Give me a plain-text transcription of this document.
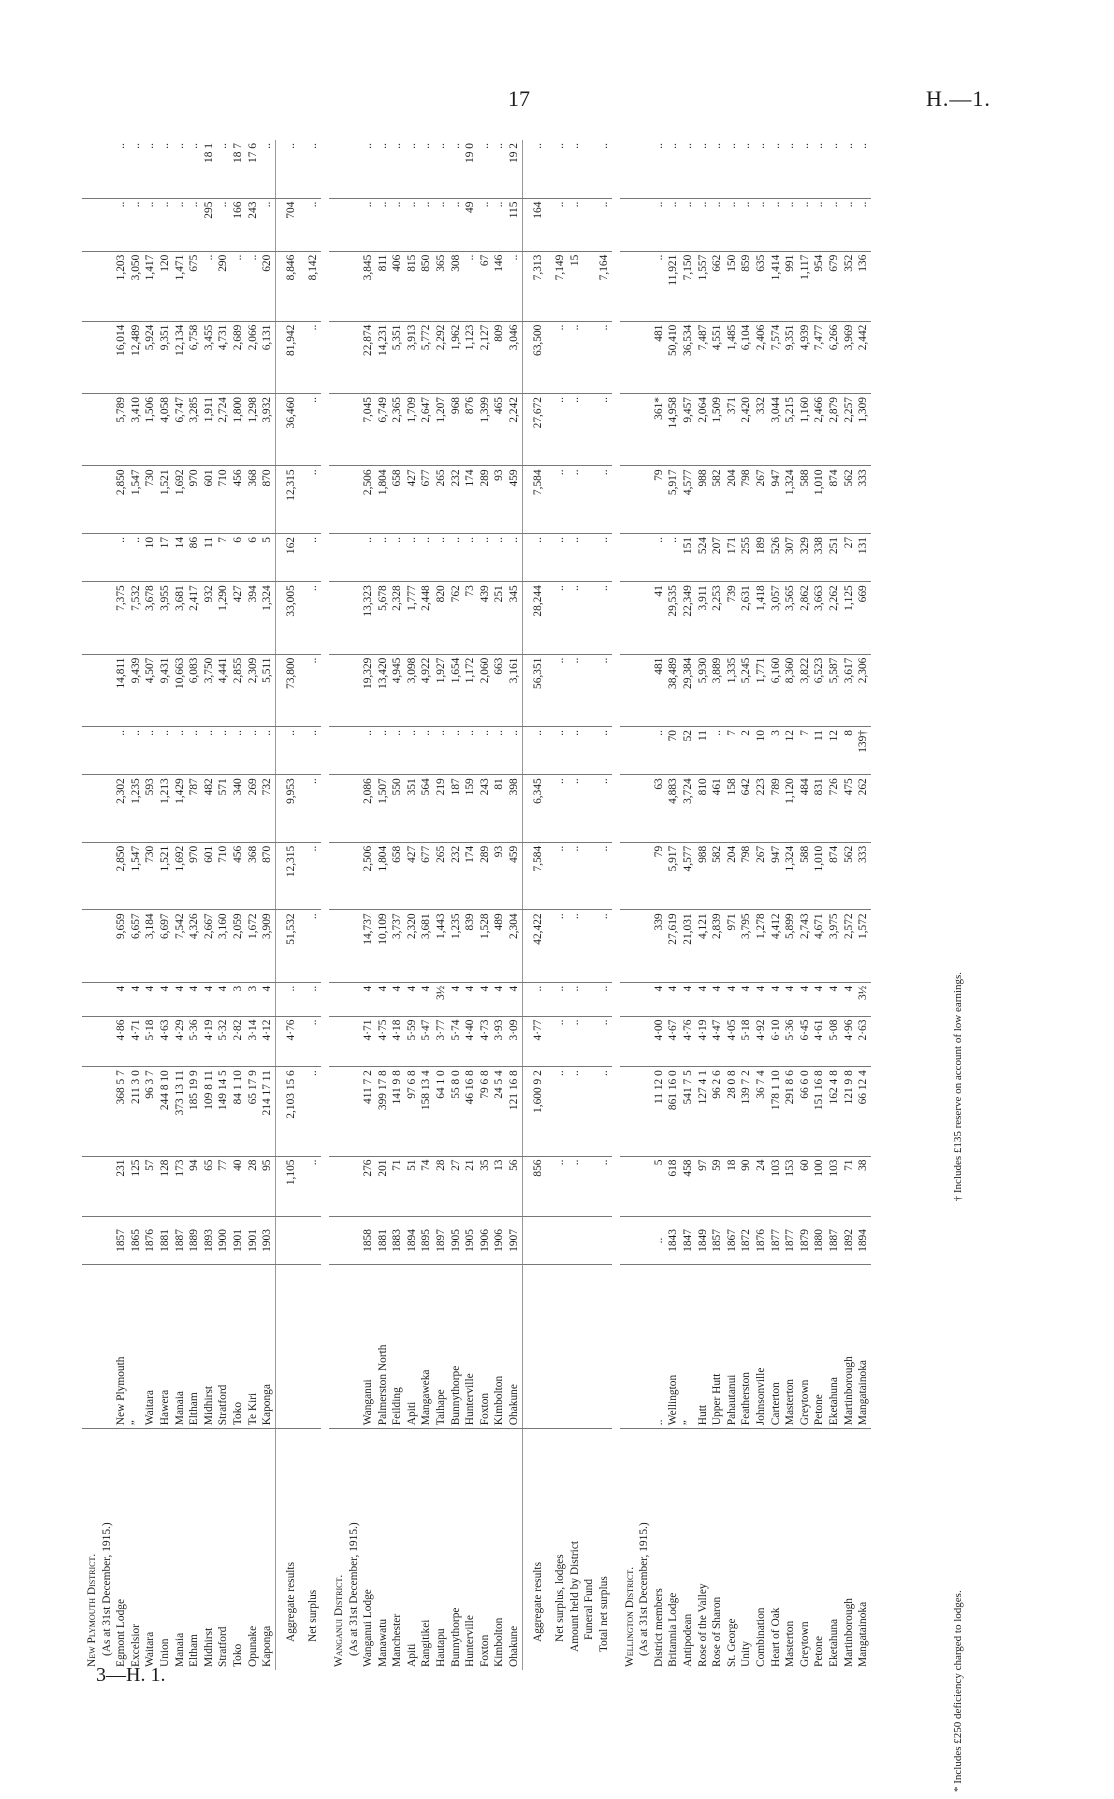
17	H.—1.
New Plymouth District.																			
(As at 31st December, 1915.)																			
Egmont Lodge	New Plymouth	1857	231	368 5 7	4·86	4	9,659	2,850	2,302	..	14,811	7,375	..	2,850	5,789	16,014	1,203	..	..
Excelsior	”	1865	125	211 3 0	4·71	4	6,657	1,547	1,235	..	9,439	7,532	..	1,547	3,410	12,489	3,050	..	..
Waitara	Waitara	1876	57	96 3 7	5·18	4	3,184	730	593	..	4,507	3,678	10	730	1,506	5,924	1,417	..	..
Union	Hawera	1881	128	244 8 10	4·63	4	6,697	1,521	1,213	..	9,431	3,955	17	1,521	4,058	9,351	120	..	..
Manaia	Manaia	1887	173	373 13 11	4·29	4	7,542	1,692	1,429	..	10,663	3,681	14	1,692	6,747	12,134	1,471	..	..
Eltham	Eltham	1889	94	185 19 9	5·36	4	4,326	970	787	..	6,083	2,417	86	970	3,285	6,758	675	..	..
Midhirst	Midhirst	1893	65	109 8 11	4·19	4	2,667	601	482	..	3,750	932	11	601	1,911	3,455	..	295	18 1
Stratford	Stratford	1900	77	149 14 5	5·32	4	3,160	710	571	..	4,441	1,290	7	710	2,724	4,731	290	..	..
Toko	Toko	1901	40	84 1 10	2·82	3	2,059	456	340	..	2,855	427	6	456	1,800	2,689	..	166	18 7
Opunake	Te Kiri	1901	28	65 17 9	3·14	3	1,672	368	269	..	2,309	394	6	368	1,298	2,066	..	243	17 6
Kaponga	Kaponga	1903	95	214 17 11	4·12	4	3,909	870	732	..	5,511	1,324	5	870	3,932	6,131	620	..	..
Aggregate results			1,105	2,103 15 6	4·76	..	51,532	12,315	9,953	..	73,800	33,005	162	12,315	36,460	81,942	8,846	704	..
Net surplus			..	..	..	..	..	..	..	..	..	..	..	..	..	..	8,142	..	..

Wanganui District.																			
(As at 31st December, 1915.)																			
Wanganui Lodge	Wanganui	1858	276	411 7 2	4·71	4	14,737	2,506	2,086	..	19,329	13,323	..	2,506	7,045	22,874	3,845	..	..
Manawatu	Palmerston North	1881	201	399 17 8	4·75	4	10,109	1,804	1,507	..	13,420	5,678	..	1,804	6,749	14,231	811	..	..
Manchester	Feilding	1883	71	141 9 8	4·18	4	3,737	658	550	..	4,945	2,328	..	658	2,365	5,351	406	..	..
Apiti	Apiti	1894	51	97 6 8	5·59	4	2,320	427	351	..	3,098	1,777	..	427	1,709	3,913	815	..	..
Rangitikei	Mangaweka	1895	74	158 13 4	5·47	4	3,681	677	564	..	4,922	2,448	..	677	2,647	5,772	850	..	..
Hautapu	Taihape	1897	28	64 1 0	3·77	3½	1,443	265	219	..	1,927	820	..	265	1,207	2,292	365	..	..
Bunnythorpe	Bunnythorpe	1905	27	55 8 0	5·74	4	1,235	232	187	..	1,654	762	..	232	968	1,962	308	..	..
Hunterville	Hunterville	1905	21	46 16 8	4·40	4	839	174	159	..	1,172	73	..	174	876	1,123	..	49	19 0
Foxton	Foxton	1906	35	79 6 8	4·73	4	1,528	289	243	..	2,060	439	..	289	1,399	2,127	67	..	..
Kimbolton	Kimbolton	1906	13	24 5 4	3·93	4	489	93	81	..	663	251	..	93	465	809	146	..	..
Ohakune	Ohakune	1907	56	121 16 8	3·09	4	2,304	459	398	..	3,161	345	..	459	2,242	3,046	..	115	19 2
Aggregate results			856	1,600 9 2	4·77	..	42,422	7,584	6,345	..	56,351	28,244	..	7,584	27,672	63,500	7,313	164	..
Net surplus, lodges			..	..	..	..	..	..	..	..	..	..	..	..	..	..	7,149	..	..
Amount held by District			..	..	..	..	..	..	..	..	..	..	..	..	..	..	15	..	..
Funeral Fund																			
Total net surplus			..	..	..	..	..	..	..	..	..	..	..	..	..	..	7,164	..	..

Wellington District.																			
(As at 31st December, 1915.)																			
District members	..	..	5	11 12 0	4·00	4	339	79	63	..	481	41	..	79	361*	481	..	..	..
Britannia Lodge	Wellington	1843	618	861 16 0	4·67	4	27,619	5,917	4,883	70	38,489	29,535	..	5,917	14,958	50,410	11,921	..	..
Antipodean	”	1847	458	541 7 5	4·76	4	21,031	4,577	3,724	52	29,384	22,349	151	4,577	9,457	36,534	7,150	..	..
Rose of the Valley	Hutt	1849	97	127 4 1	4·19	4	4,121	988	810	11	5,930	3,911	524	988	2,064	7,487	1,557	..	..
Rose of Sharon	Upper Hutt	1857	59	96 2 6	4·47	4	2,839	582	461	..	3,889	2,253	207	582	1,509	4,551	662	..	..
St. George	Pahautanui	1867	18	28 0 8	4·05	4	971	204	158	7	1,335	739	171	204	371	1,485	150	..	..
Unity	Featherston	1872	90	139 7 2	5·18	4	3,795	798	642	2	5,245	2,631	255	798	2,420	6,104	859	..	..
Combination	Johnsonville	1876	24	36 7 4	4·92	4	1,278	267	223	10	1,771	1,418	189	267	332	2,406	635	..	..
Heart of Oak	Carterton	1877	103	178 1 10	6·10	4	4,412	947	789	3	6,160	3,057	526	947	3,044	7,574	1,414	..	..
Masterton	Masterton	1877	153	291 8 6	5·36	4	5,899	1,324	1,120	12	8,360	3,565	307	1,324	5,215	9,351	991	..	..
Greytown	Greytown	1879	60	66 6 0	6·45	4	2,743	588	484	7	3,822	2,862	329	588	1,160	4,939	1,117	..	..
Petone	Petone	1880	100	151 16 8	4·61	4	4,671	1,010	831	11	6,523	3,663	338	1,010	2,466	7,477	954	..	..
Eketahuna	Eketahuna	1887	103	162 4 8	5·08	4	3,975	874	726	12	5,587	2,262	251	874	2,879	6,266	679	..	..
Martinborough	Martinborough	1892	71	121 9 8	4·96	4	2,572	562	475	8	3,617	1,125	27	562	2,257	3,969	352	..	..
Mangatainoka	Mangatainoka	1894	38	66 12 4	2·63	3½	1,572	333	262	139†	2,306	669	131	333	1,309	2,442	136	..	..
3—H. 1.	* Includes £250 deficiency charged to lodges.
† Includes £135 reserve on account of low earnings.
